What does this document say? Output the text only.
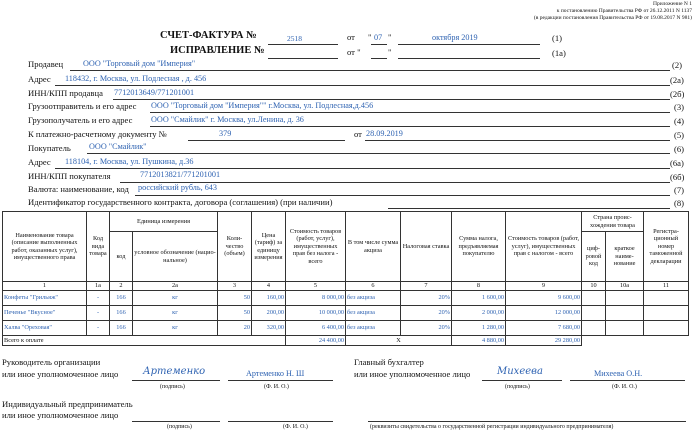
Приложение N 1
к постановлению Правительства РФ от 26.12.2011 N 1137
(в редакции постановления Правительства РФ от 19.08.2017 N 981)
СЧЕТ-ФАКТУРА №	2518	от " 07 "	октября 2019	(1)
ИСПРАВЛЕНИЕ №	от "	"	(1а)
Продавец ООО "Торговый дом "Империя"	(2)
Адрес 118432, г. Москва, ул. Подлесная , д. 456	(2а)
ИНН/КПП продавца 7712013649/771201001	(2б)
Грузоотправитель и его адрес ООО "Торговый дом "Империя"" г.Москва, ул. Подлесная,д.456	(3)
Грузополучатель и его адрес ООО "Смайлик" г. Москва, ул.Ленина, д. 36	(4)
К платежно-расчетному документу №	379	от 28.09.2019	(5)
Покупатель ООО "Смайлик"	(6)
Адрес 118104, г. Москва, ул. Пушкина, д.36	(6а)
ИНН/КПП покупателя	7712013821/771201001	(6б)
Валюта: наименование, код российский рубль, 643	(7)
Идентификатор государственного контракта, договора (соглашения) (при наличии)	(8)
Наименование товара (описание выполненных работ, оказанных услуг), имущественного права	Код вида товара	Единица измерения		Количество (объем)	Цена (тариф) за единицу измерения	Стоимость товаров (работ, услуг), имущественных прав без налога - всего	В том числе сумма акциза	Налоговая ставка	Сумма налога, предъявляемая покупателю	Стоимость товаров (работ, услуг), имущественных прав с налогом - всего	Страна происхождения товара		Регистрационный номер таможенной декларации
		код	условное обозначение (национальное)								цифровой код	краткое наименование	
1	1а	2	2а	3	4	5	6	7	8	9	10	10а	11
Конфеты "Грильяж"	-	166	кг	50	160,00	8 000,00	без акциза	20%	1 600,00	9 600,00			
Печенье "Вкусное"	-	166	кг	50	200,00	10 000,00	без акциза	20%	2 000,00	12 000,00			
Халва "Ореховая"	-	166	кг	20	320,00	6 400,00	без акциза	20%	1 280,00	7 680,00			
Всего к оплате						24 400,00	X		4 880,00	29 280,00			
Руководитель организации
или иное уполномоченное лицо Артеменко
(подпись)
Артеменко Н. Ш
(Ф. И. О.)
Главный бухгалтер
или иное уполномоченное лицо	Михеева
(подпись)
Михеева О.Н.
(Ф. И. О.)
Индивидуальный предприниматель
или иное уполномоченное лицо
(подпись)	(Ф. И. О.)	(реквизиты свидетельства о государственной регистрации индивидуального предпринимателя)
